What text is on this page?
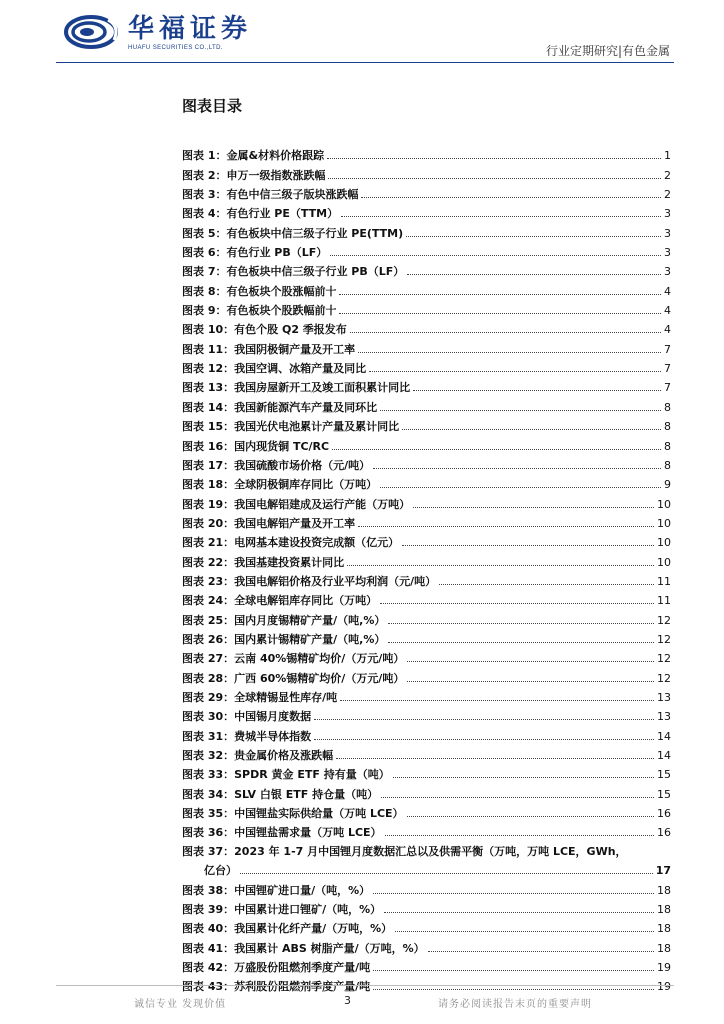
华福证券
HUAFU SECURITIES CO.,LTD.	行业定期研究|有色金属
图表目录
图表 1：金属&材料价格跟踪	1
图表 2：申万一级指数涨跌幅	2
图表 3：有色中信三级子版块涨跌幅	2
图表 4：有色行业 PE（TTM）	3
图表 5：有色板块中信三级子行业 PE(TTM)	3
图表 6：有色行业 PB（LF）	3
图表 7：有色板块中信三级子行业 PB（LF）	3
图表 8：有色板块个股涨幅前十	4
图表 9：有色板块个股跌幅前十	4
图表 10：有色个股 Q2 季报发布	4
图表 11：我国阴极铜产量及开工率	7
图表 12：我国空调、冰箱产量及同比	7
图表 13：我国房屋新开工及竣工面积累计同比	7
图表 14：我国新能源汽车产量及同环比	8
图表 15：我国光伏电池累计产量及累计同比	8
图表 16：国内现货铜 TC/RC	8
图表 17：我国硫酸市场价格（元/吨）	8
图表 18：全球阴极铜库存同比（万吨）	9
图表 19：我国电解铝建成及运行产能（万吨）	10
图表 20：我国电解铝产量及开工率	10
图表 21：电网基本建设投资完成额（亿元）	10
图表 22：我国基建投资累计同比	10
图表 23：我国电解铝价格及行业平均利润（元/吨）	11
图表 24：全球电解铝库存同比（万吨）	11
图表 25：国内月度锡精矿产量/（吨,%）	12
图表 26：国内累计锡精矿产量/（吨,%）	12
图表 27：云南 40%锡精矿均价/（万元/吨）	12
图表 28：广西 60%锡精矿均价/（万元/吨）	12
图表 29：全球精锡显性库存/吨	13
图表 30：中国锡月度数据	13
图表 31：费城半导体指数	14
图表 32：贵金属价格及涨跌幅	14
图表 33：SPDR 黄金 ETF 持有量（吨）	15
图表 34：SLV 白银 ETF 持仓量（吨）	15
图表 35：中国锂盐实际供给量（万吨 LCE）	16
图表 36：中国锂盐需求量（万吨 LCE）	16
图表 37：2023 年 1-7 月中国锂月度数据汇总以及供需平衡（万吨，万吨 LCE，GWh，
亿台）	17
图表 38：中国锂矿进口量/（吨，%）	18
图表 39：中国累计进口锂矿/（吨，%）	18
图表 40：我国累计化纤产量/（万吨，%）	18
图表 41：我国累计 ABS 树脂产量/（万吨，%）	18
图表 42：万盛股份阻燃剂季度产量/吨	19
图表 43：苏利股份阻燃剂季度产量/吨	19
诚信专业 发现价值	3	请务必阅读报告末页的重要声明
